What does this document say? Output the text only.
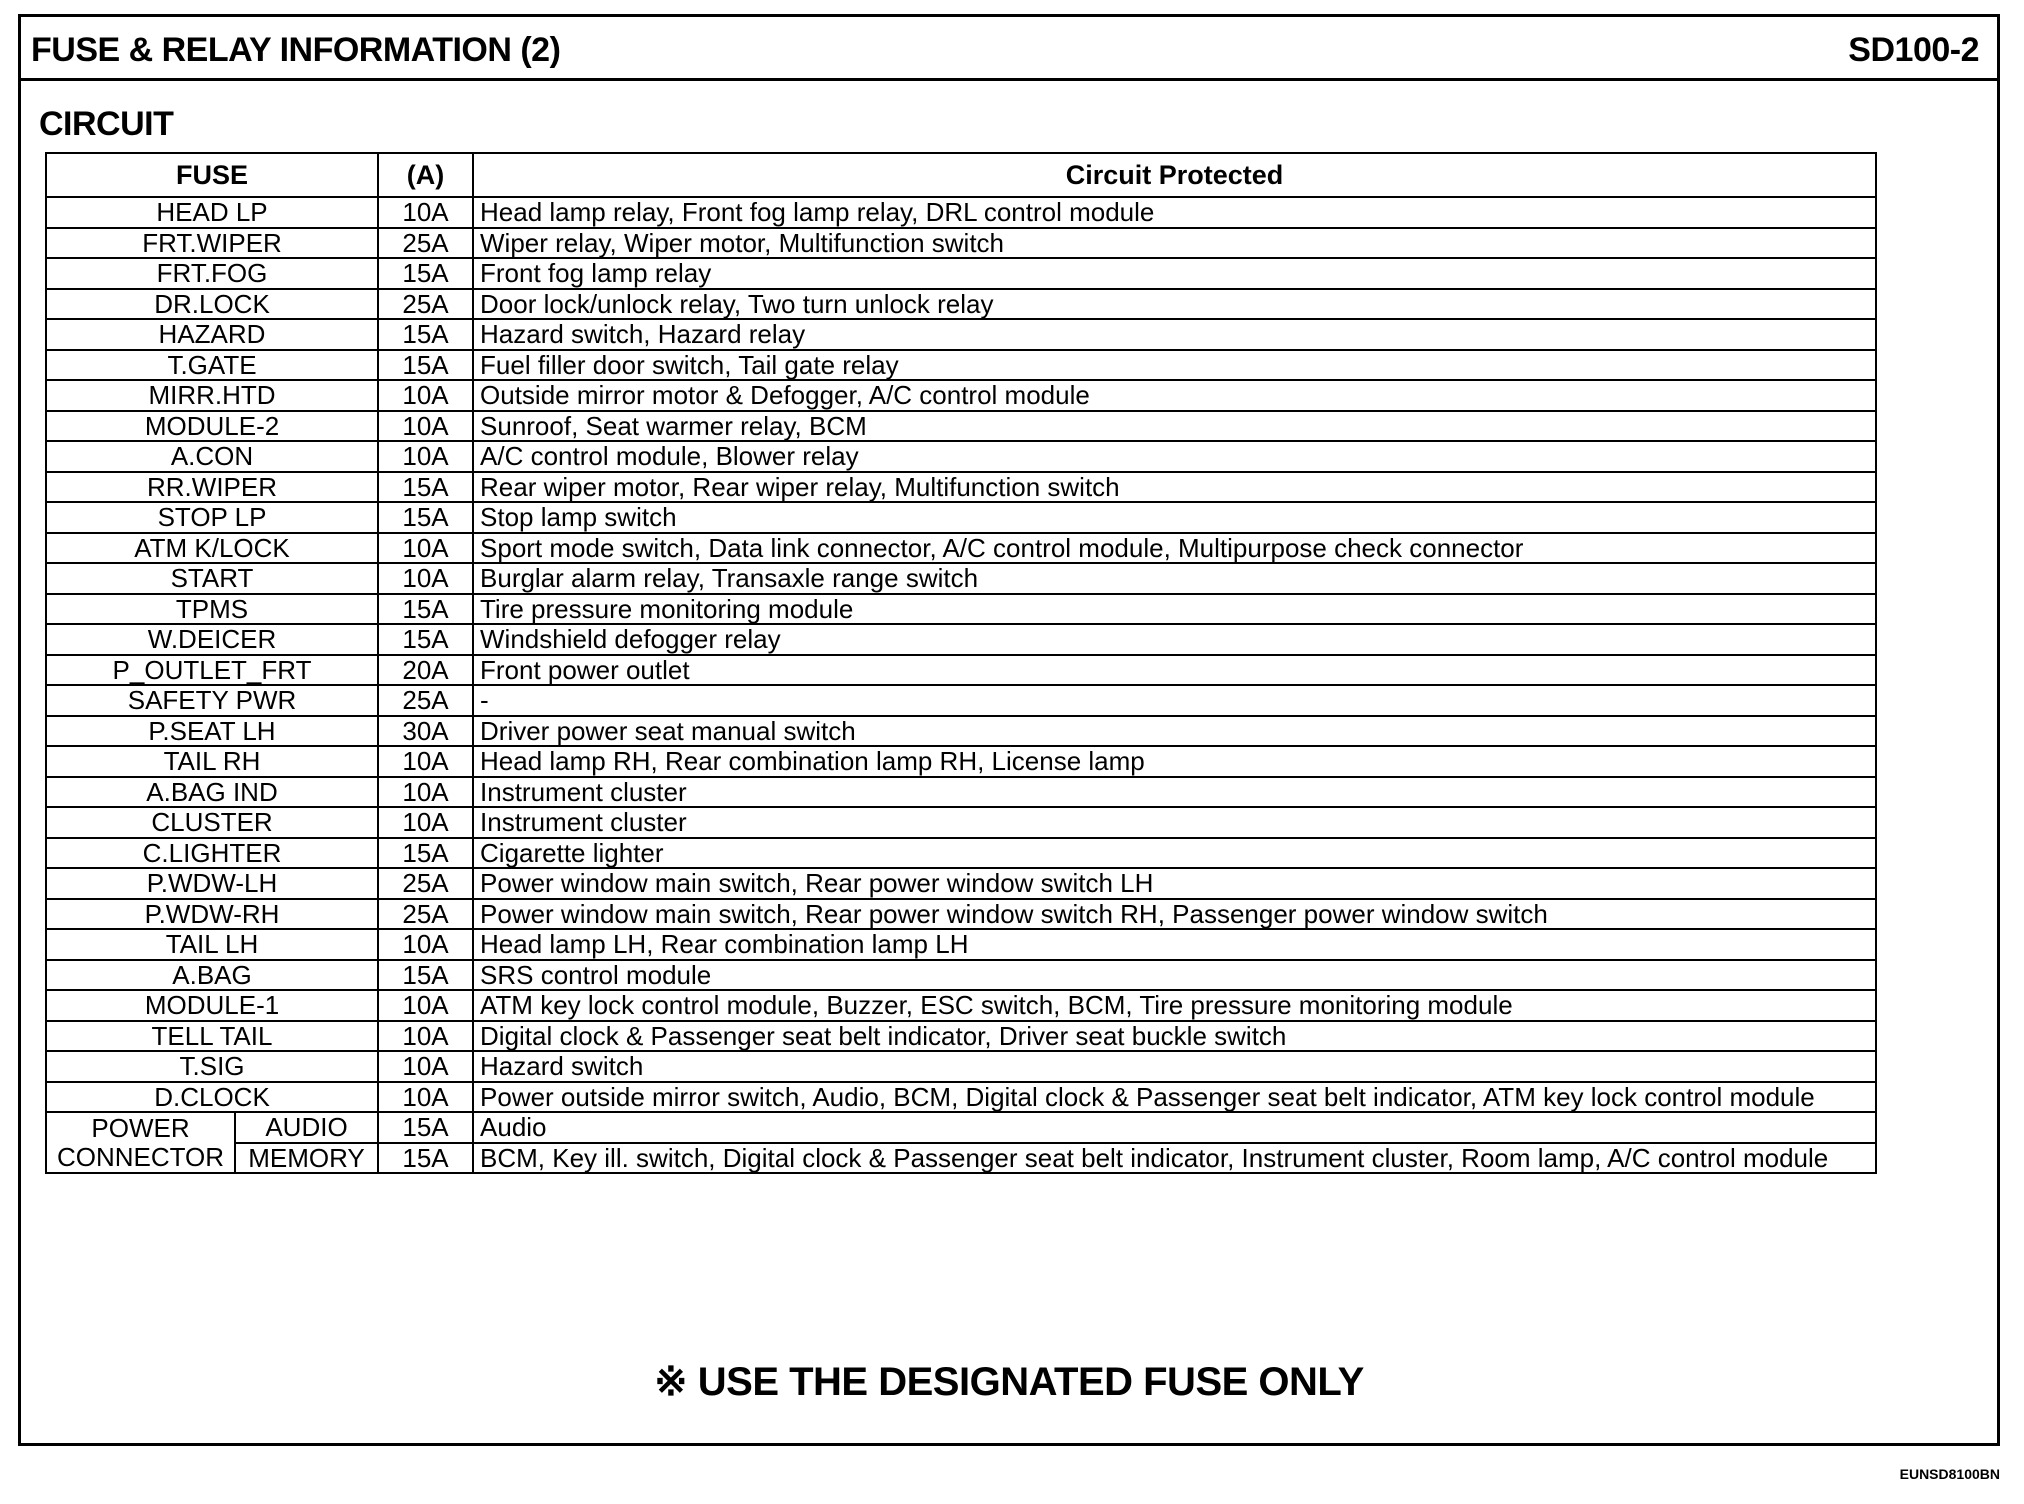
FUSE & RELAY INFORMATION (2)	SD100-2
CIRCUIT
FUSE		(A)	Circuit Protected
HEAD LP		10A	Head lamp relay, Front fog lamp relay, DRL control module
FRT.WIPER		25A	Wiper relay, Wiper motor, Multifunction switch
FRT.FOG		15A	Front fog lamp relay
DR.LOCK		25A	Door lock/unlock relay, Two turn unlock relay
HAZARD		15A	Hazard switch, Hazard relay
T.GATE		15A	Fuel filler door switch, Tail gate relay
MIRR.HTD		10A	Outside mirror motor & Defogger, A/C control module
MODULE-2		10A	Sunroof, Seat warmer relay, BCM
A.CON		10A	A/C control module, Blower relay
RR.WIPER		15A	Rear wiper motor, Rear wiper relay, Multifunction switch
STOP LP		15A	Stop lamp switch
ATM K/LOCK		10A	Sport mode switch, Data link connector, A/C control module, Multipurpose check connector
START		10A	Burglar alarm relay, Transaxle range switch
TPMS		15A	Tire pressure monitoring module
W.DEICER		15A	Windshield defogger relay
P_OUTLET_FRT		20A	Front power outlet
SAFETY PWR		25A	-
P.SEAT LH		30A	Driver power seat manual switch
TAIL RH		10A	Head lamp RH, Rear combination lamp RH, License lamp
A.BAG IND		10A	Instrument cluster
CLUSTER		10A	Instrument cluster
C.LIGHTER		15A	Cigarette lighter
P.WDW-LH		25A	Power window main switch, Rear power window switch LH
P.WDW-RH		25A	Power window main switch, Rear power window switch RH, Passenger power window switch
TAIL LH		10A	Head lamp LH, Rear combination lamp LH
A.BAG		15A	SRS control module
MODULE-1		10A	ATM key lock control module, Buzzer, ESC switch, BCM, Tire pressure monitoring module
TELL TAIL		10A	Digital clock & Passenger seat belt indicator, Driver seat buckle switch
T.SIG		10A	Hazard switch
D.CLOCK		10A	Power outside mirror switch, Audio, BCM, Digital clock & Passenger seat belt indicator, ATM key lock control module
POWER	AUDIO	15A	Audio
CONNECTOR	MEMORY	15A	BCM, Key ill. switch, Digital clock & Passenger seat belt indicator, Instrument cluster, Room lamp, A/C control module
※ USE THE DESIGNATED FUSE ONLY
EUNSD8100BN
